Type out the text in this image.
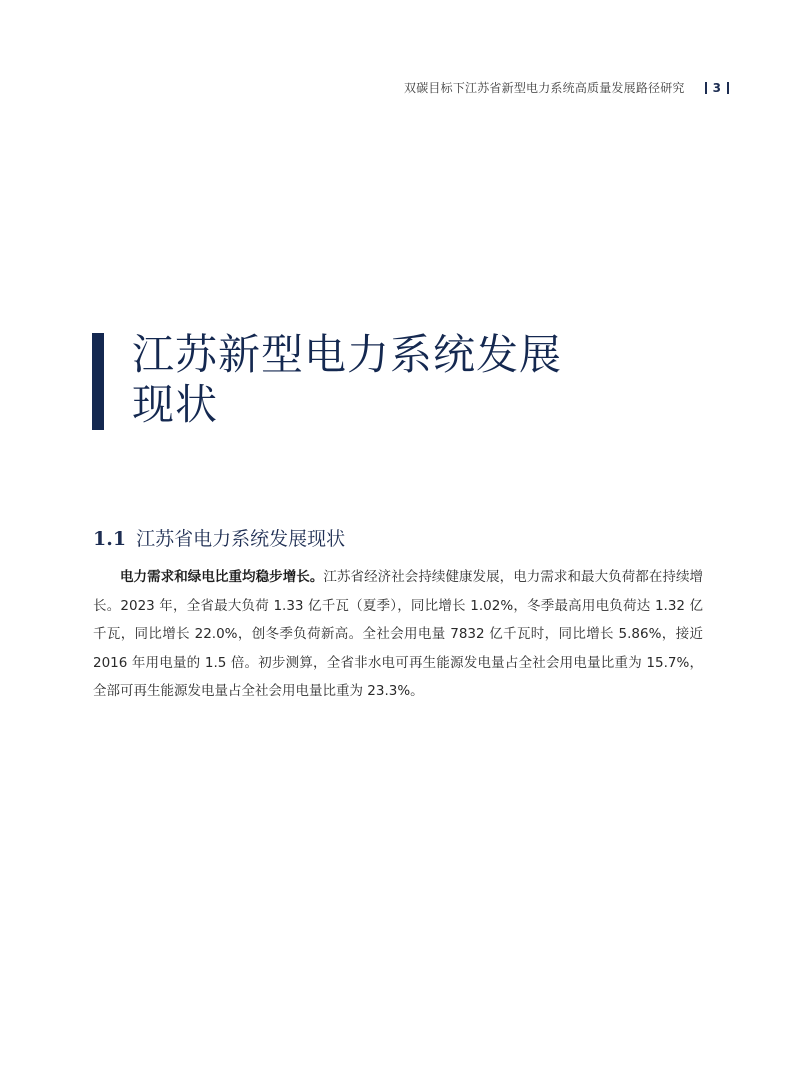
双碳目标下江苏省新型电力系统高质量发展路径研究 3
江苏新型电力系统发展现状
1.1 江苏省电力系统发展现状

电力需求和绿电比重均稳步增长。江苏省经济社会持续健康发展，电力需求和最大负荷都在持续增长。2023 年，全省最大负荷 1.33 亿千瓦（夏季），同比增长 1.02%，冬季最高用电负荷达 1.32 亿千瓦，同比增长 22.0%，创冬季负荷新高。全社会用电量 7832 亿千瓦时，同比增长 5.86%，接近 2016 年用电量的 1.5 倍。初步测算，全省非水电可再生能源发电量占全社会用电量比重为 15.7%，全部可再生能源发电量占全社会用电量比重为 23.3%。
